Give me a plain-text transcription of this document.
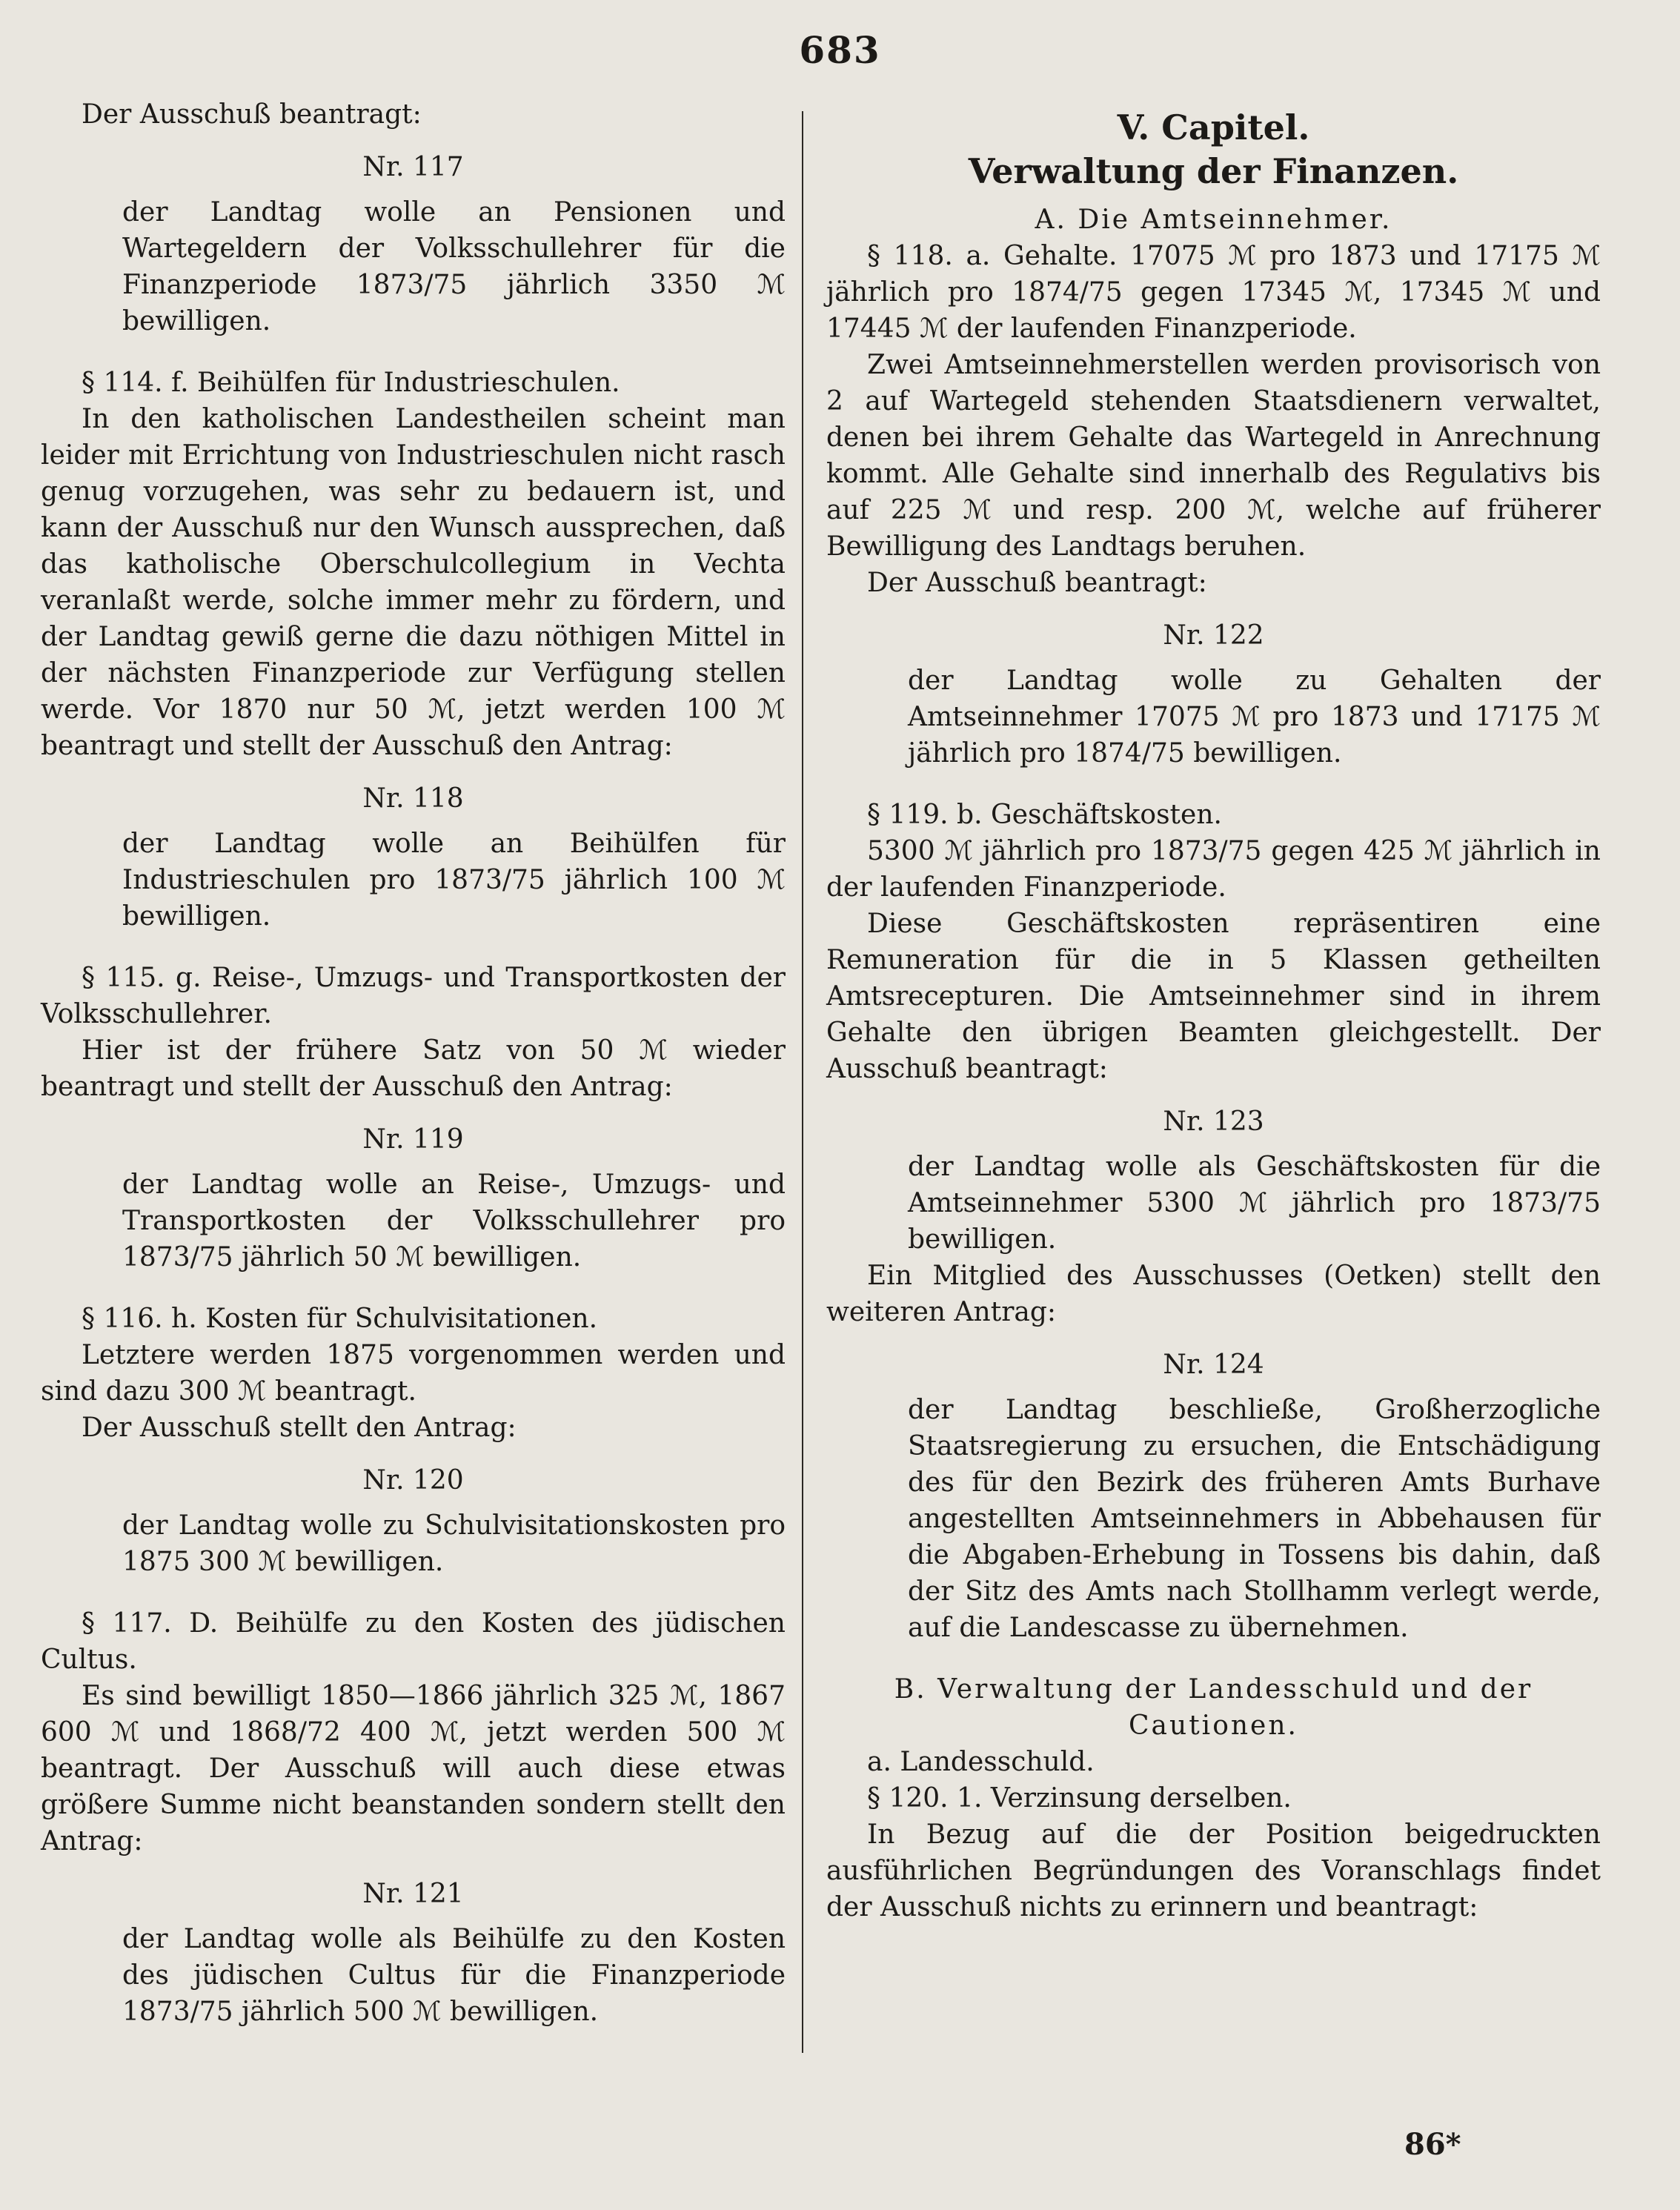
683

Der Ausschuß beantragt:

Nr. 117

der Landtag wolle an Pensionen und Wartegeldern der Volksschullehrer für die Finanzperiode 1873/75 jährlich 3350 ℳ bewilligen.

§ 114. f. Beihülfen für Industrieschulen.

In den katholischen Landestheilen scheint man leider mit Errichtung von Industrieschulen nicht rasch genug vorzugehen, was sehr zu bedauern ist, und kann der Ausschuß nur den Wunsch aussprechen, daß das katholische Oberschulcollegium in Vechta veranlaßt werde, solche immer mehr zu fördern, und der Landtag gewiß gerne die dazu nöthigen Mittel in der nächsten Finanzperiode zur Verfügung stellen werde. Vor 1870 nur 50 ℳ, jetzt werden 100 ℳ beantragt und stellt der Ausschuß den Antrag:

Nr. 118

der Landtag wolle an Beihülfen für Industrieschulen pro 1873/75 jährlich 100 ℳ bewilligen.

§ 115. g. Reise-, Umzugs- und Transportkosten der Volksschullehrer.

Hier ist der frühere Satz von 50 ℳ wieder beantragt und stellt der Ausschuß den Antrag:

Nr. 119

der Landtag wolle an Reise-, Umzugs- und Transportkosten der Volksschullehrer pro 1873/75 jährlich 50 ℳ bewilligen.

§ 116. h. Kosten für Schulvisitationen.

Letztere werden 1875 vorgenommen werden und sind dazu 300 ℳ beantragt.

Der Ausschuß stellt den Antrag:

Nr. 120

der Landtag wolle zu Schulvisitationskosten pro 1875 300 ℳ bewilligen.

§ 117. D. Beihülfe zu den Kosten des jüdischen Cultus.

Es sind bewilligt 1850—1866 jährlich 325 ℳ, 1867 600 ℳ und 1868/72 400 ℳ, jetzt werden 500 ℳ beantragt. Der Ausschuß will auch diese etwas größere Summe nicht beanstanden sondern stellt den Antrag:

Nr. 121

der Landtag wolle als Beihülfe zu den Kosten des jüdischen Cultus für die Finanzperiode 1873/75 jährlich 500 ℳ bewilligen.

V. Capitel.

Verwaltung der Finanzen.

A. Die Amtseinnehmer.

§ 118. a. Gehalte. 17075 ℳ pro 1873 und 17175 ℳ jährlich pro 1874/75 gegen 17345 ℳ, 17345 ℳ und 17445 ℳ der laufenden Finanzperiode.

Zwei Amtseinnehmerstellen werden provisorisch von 2 auf Wartegeld stehenden Staatsdienern verwaltet, denen bei ihrem Gehalte das Wartegeld in Anrechnung kommt. Alle Gehalte sind innerhalb des Regulativs bis auf 225 ℳ und resp. 200 ℳ, welche auf früherer Bewilligung des Landtags beruhen.

Der Ausschuß beantragt:

Nr. 122

der Landtag wolle zu Gehalten der Amtseinnehmer 17075 ℳ pro 1873 und 17175 ℳ jährlich pro 1874/75 bewilligen.

§ 119. b. Geschäftskosten.

5300 ℳ jährlich pro 1873/75 gegen 425 ℳ jährlich in der laufenden Finanzperiode.

Diese Geschäftskosten repräsentiren eine Remuneration für die in 5 Klassen getheilten Amtsrecepturen. Die Amtseinnehmer sind in ihrem Gehalte den übrigen Beamten gleichgestellt. Der Ausschuß beantragt:

Nr. 123

der Landtag wolle als Geschäftskosten für die Amtseinnehmer 5300 ℳ jährlich pro 1873/75 bewilligen.

Ein Mitglied des Ausschusses (Oetken) stellt den weiteren Antrag:

Nr. 124

der Landtag beschließe, Großherzogliche Staatsregierung zu ersuchen, die Entschädigung des für den Bezirk des früheren Amts Burhave angestellten Amtseinnehmers in Abbehausen für die Abgaben-Erhebung in Tossens bis dahin, daß der Sitz des Amts nach Stollhamm verlegt werde, auf die Landescasse zu übernehmen.

B. Verwaltung der Landesschuld und der Cautionen.

a. Landesschuld.

§ 120. 1. Verzinsung derselben.

In Bezug auf die der Position beigedruckten ausführlichen Begründungen des Voranschlags findet der Ausschuß nichts zu erinnern und beantragt:

86*
